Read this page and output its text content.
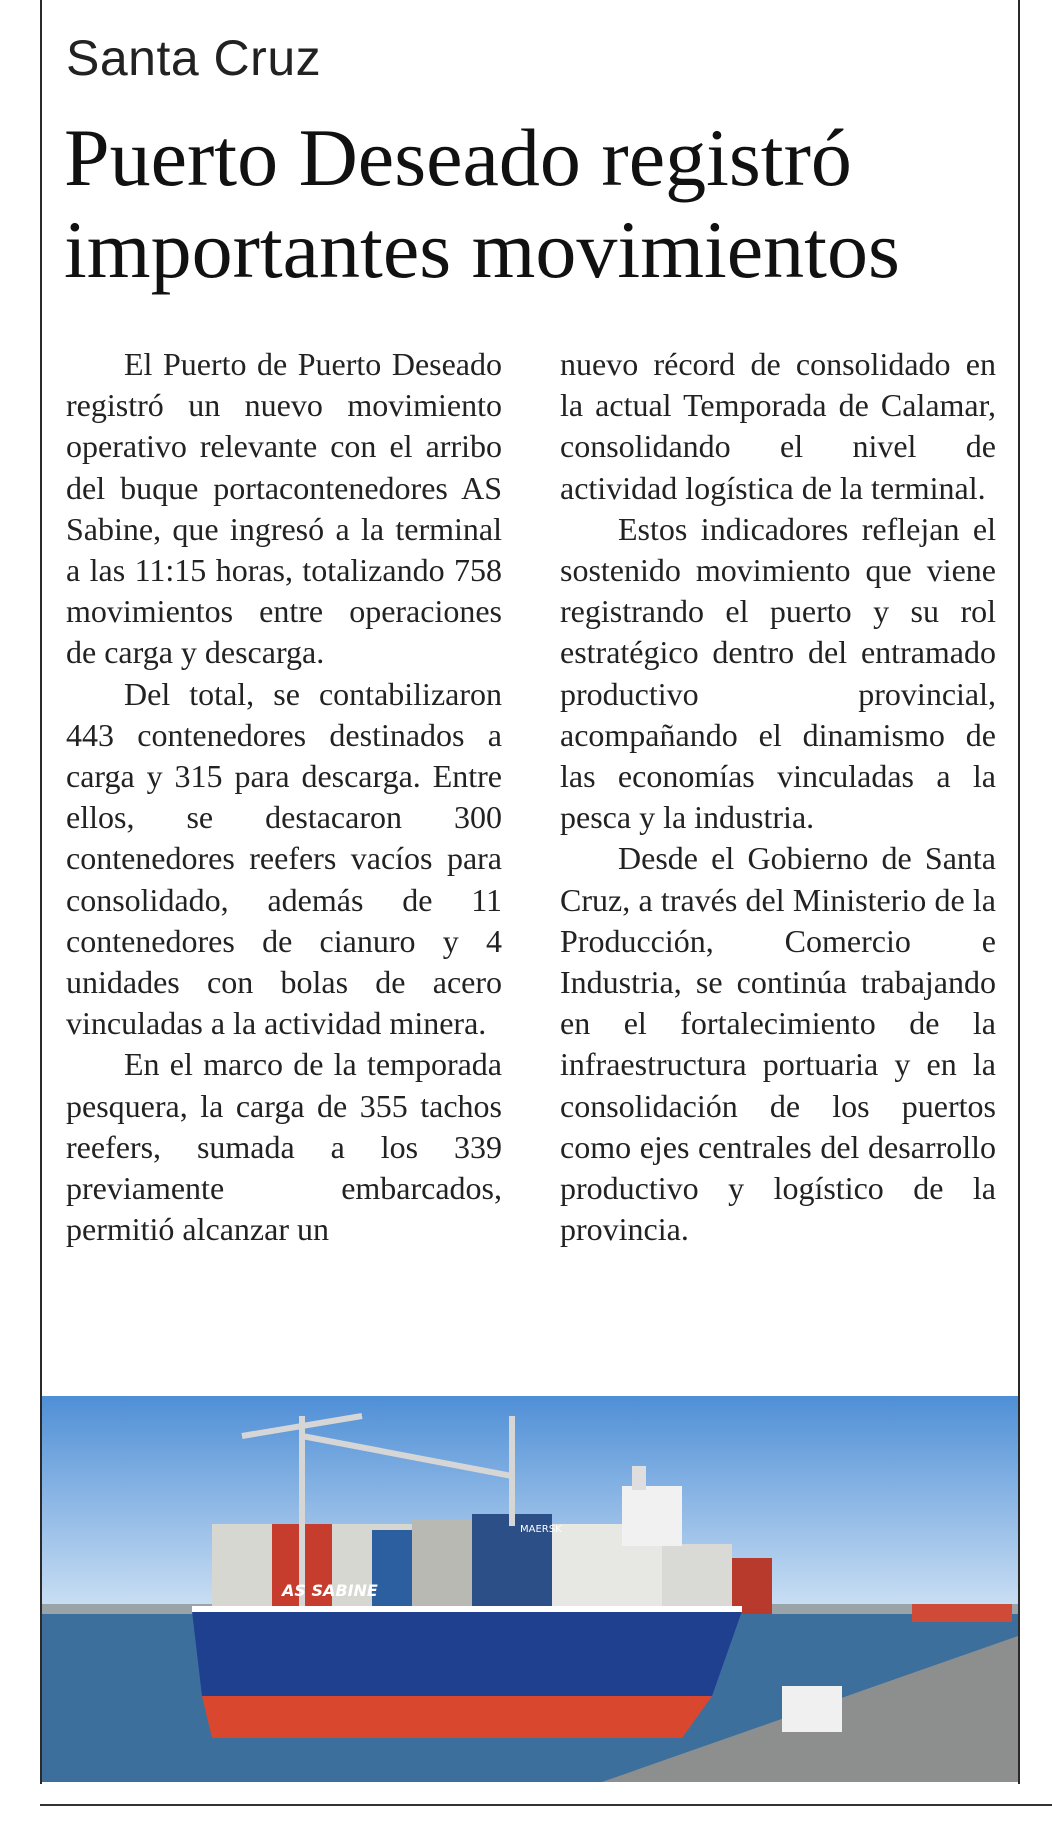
Santa Cruz
Puerto Deseado registró importantes movimientos

El Puerto de Puerto Deseado registró un nuevo movimiento operativo relevante con el arribo del buque portacontenedores AS Sabine, que ingresó a la terminal a las 11:15 horas, totalizando 758 movimientos entre operaciones de carga y descarga.

Del total, se contabilizaron 443 contenedores destinados a carga y 315 para descarga. Entre ellos, se destacaron 300 contenedores reefers vacíos para consolidado, además de 11 contenedores de cianuro y 4 unidades con bolas de acero vinculadas a la actividad minera.

En el marco de la temporada pesquera, la carga de 355 tachos reefers, sumada a los 339 previamente embarcados, permitió alcanzar un

nuevo récord de consolidado en la actual Temporada de Calamar, consolidando el nivel de actividad logística de la terminal.

Estos indicadores reflejan el sostenido movimiento que viene registrando el puerto y su rol estratégico dentro del entramado productivo provincial, acompañando el dinamismo de las economías vinculadas a la pesca y la industria.

Desde el Gobierno de Santa Cruz, a través del Ministerio de la Producción, Comercio e Industria, se continúa trabajando en el fortalecimiento de la infraestructura portuaria y en la consolidación de los puertos como ejes centrales del desarrollo productivo y logístico de la provincia.

MAERSK
AS SABINE
